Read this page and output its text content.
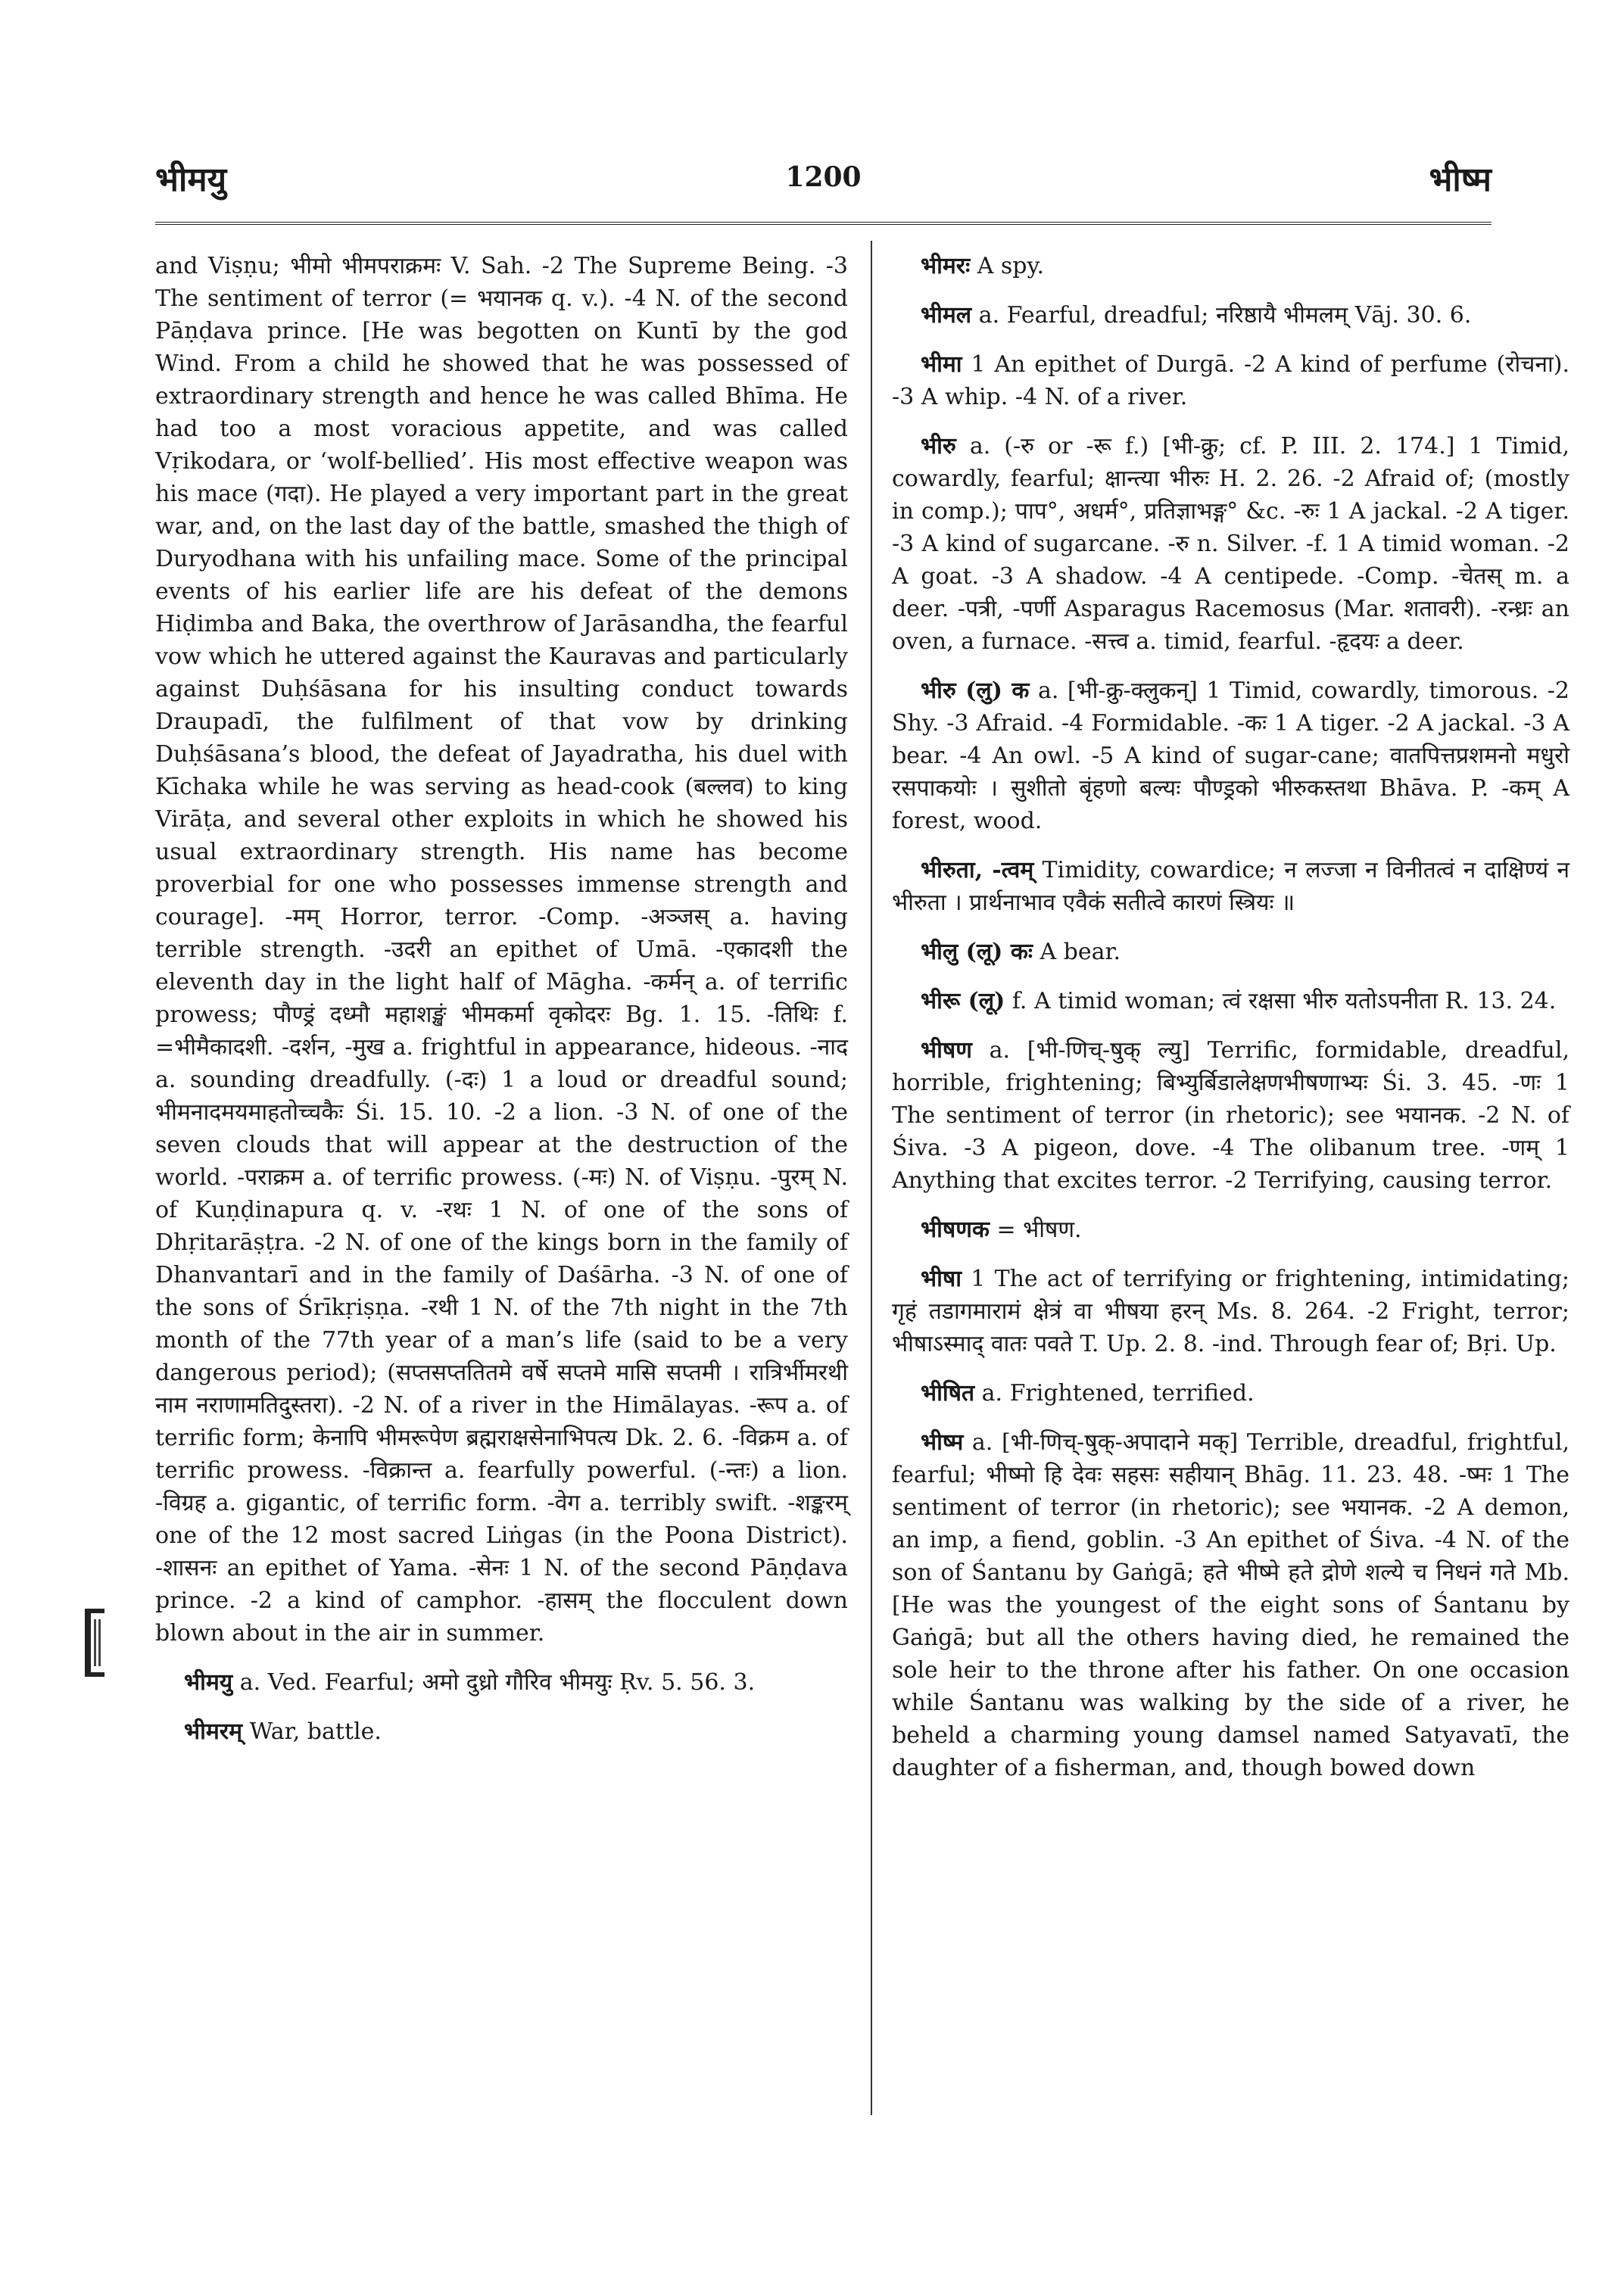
भीमयु	1200	भीष्म

and Viṣṇu; भीमो भीमपराक्रमः V. Sah. -2 The Supreme Being. -3 The sentiment of terror (= भयानक q. v.). -4 N. of the second Pāṇḍava prince. [He was begotten on Kuntī by the god Wind. From a child he showed that he was possessed of extraordinary strength and hence he was called Bhīma. He had too a most voracious appetite, and was called Vṛikodara, or ‘wolf-bellied’. His most effective weapon was his mace (गदा). He played a very important part in the great war, and, on the last day of the battle, smashed the thigh of Duryodhana with his unfailing mace. Some of the principal events of his earlier life are his defeat of the demons Hiḍimba and Baka, the overthrow of Jarāsandha, the fearful vow which he uttered against the Kauravas and particularly against Duḥśāsana for his insulting conduct towards Draupadī, the fulfilment of that vow by drinking Duḥśāsana’s blood, the defeat of Jayadratha, his duel with Kīchaka while he was serving as head-cook (बल्लव) to king Virāṭa, and several other exploits in which he showed his usual extraordinary strength. His name has become proverbial for one who possesses immense strength and courage]. -मम् Horror, terror. -Comp. -अञ्जस् a. having terrible strength. -उदरी an epithet of Umā. -एकादशी the eleventh day in the light half of Māgha. -कर्मन् a. of terrific prowess; पौण्ड्रं दध्मौ महाशङ्खं भीमकर्मा वृकोदरः Bg. 1. 15. -तिथिः f. =भीमैकादशी. -दर्शन, -मुख a. frightful in appearance, hideous. -नाद a. sounding dreadfully. (-दः) 1 a loud or dreadful sound; भीमनादमयमाहतोच्चकैः Śi. 15. 10. -2 a lion. -3 N. of one of the seven clouds that will appear at the destruction of the world. -पराक्रम a. of terrific prowess. (-मः) N. of Viṣṇu. -पुरम् N. of Kuṇḍinapura q. v. -रथः 1 N. of one of the sons of Dhṛitarāṣṭra. -2 N. of one of the kings born in the family of Dhanvantarī and in the family of Daśārha. -3 N. of one of the sons of Śrīkṛiṣṇa. -रथी 1 N. of the 7th night in the 7th month of the 77th year of a man’s life (said to be a very dangerous period); (सप्तसप्ततितमे वर्षे सप्तमे मासि सप्तमी । रात्रिर्भीमरथी नाम नराणामतिदुस्तरा). -2 N. of a river in the Himālayas. -रूप a. of terrific form; केनापि भीमरूपेण ब्रह्मराक्षसेनाभिपत्य Dk. 2. 6. -विक्रम a. of terrific prowess. -विक्रान्त a. fearfully powerful. (-न्तः) a lion. -विग्रह a. gigantic, of terrific form. -वेग a. terribly swift. -शङ्करम् one of the 12 most sacred Liṅgas (in the Poona District). -शासनः an epithet of Yama. -सेनः 1 N. of the second Pāṇḍava prince. -2 a kind of camphor. -हासम् the flocculent down blown about in the air in summer.

भीमयु a. Ved. Fearful; अमो दुध्रो गौरिव भीमयुः Ṛv. 5. 56. 3.

भीमरम् War, battle.

भीमरः A spy.

भीमल a. Fearful, dreadful; नरिष्ठायै भीमलम् Vāj. 30. 6.

भीमा 1 An epithet of Durgā. -2 A kind of perfume (रोचना). -3 A whip. -4 N. of a river.

भीरु a. (-रु or -रू f.) [भी-क्रु; cf. P. III. 2. 174.] 1 Timid, cowardly, fearful; क्षान्त्या भीरुः H. 2. 26. -2 Afraid of; (mostly in comp.); पाप°, अधर्म°, प्रतिज्ञाभङ्ग° &c. -रुः 1 A jackal. -2 A tiger. -3 A kind of sugarcane. -रु n. Silver. -f. 1 A timid woman. -2 A goat. -3 A shadow. -4 A centipede. -Comp. -चेतस् m. a deer. -पत्री, -पर्णी Asparagus Racemosus (Mar. शतावरी). -रन्ध्रः an oven, a furnace. -सत्त्व a. timid, fearful. -हृदयः a deer.

भीरु (लु) क a. [भी-क्रु-क्लुकन्] 1 Timid, cowardly, timorous. -2 Shy. -3 Afraid. -4 Formidable. -कः 1 A tiger. -2 A jackal. -3 A bear. -4 An owl. -5 A kind of sugar-cane; वातपित्तप्रशमनो मधुरो रसपाकयोः । सुशीतो बृंहणो बल्यः पौण्ड्रको भीरुकस्तथा Bhāva. P. -कम् A forest, wood.

भीरुता, -त्वम् Timidity, cowardice; न लज्जा न विनीतत्वं न दाक्षिण्यं न भीरुता । प्रार्थनाभाव एवैकं सतीत्वे कारणं स्त्रियः ॥

भीलु (लू) कः A bear.

भीरू (लू) f. A timid woman; त्वं रक्षसा भीरु यतोऽपनीता R. 13. 24.

भीषण a. [भी-णिच्-षुक् ल्यु] Terrific, formidable, dreadful, horrible, frightening; बिभ्युर्बिडालेक्षणभीषणाभ्यः Śi. 3. 45. -णः 1 The sentiment of terror (in rhetoric); see भयानक. -2 N. of Śiva. -3 A pigeon, dove. -4 The olibanum tree. -णम् 1 Anything that excites terror. -2 Terrifying, causing terror.

भीषणक = भीषण.

भीषा 1 The act of terrifying or frightening, intimidating; गृहं तडागमारामं क्षेत्रं वा भीषया हरन् Ms. 8. 264. -2 Fright, terror; भीषाऽस्माद् वातः पवते T. Up. 2. 8. -ind. Through fear of; Bṛi. Up.

भीषित a. Frightened, terrified.

भीष्म a. [भी-णिच्-षुक्-अपादाने मक्] Terrible, dreadful, frightful, fearful; भीष्मो हि देवः सहसः सहीयान् Bhāg. 11. 23. 48. -ष्मः 1 The sentiment of terror (in rhetoric); see भयानक. -2 A demon, an imp, a fiend, goblin. -3 An epithet of Śiva. -4 N. of the son of Śantanu by Gaṅgā; हते भीष्मे हते द्रोणे शल्ये च निधनं गते Mb. [He was the youngest of the eight sons of Śantanu by Gaṅgā; but all the others having died, he remained the sole heir to the throne after his father. On one occasion while Śantanu was walking by the side of a river, he beheld a charming young damsel named Satyavatī, the daughter of a fisherman, and, though bowed down
